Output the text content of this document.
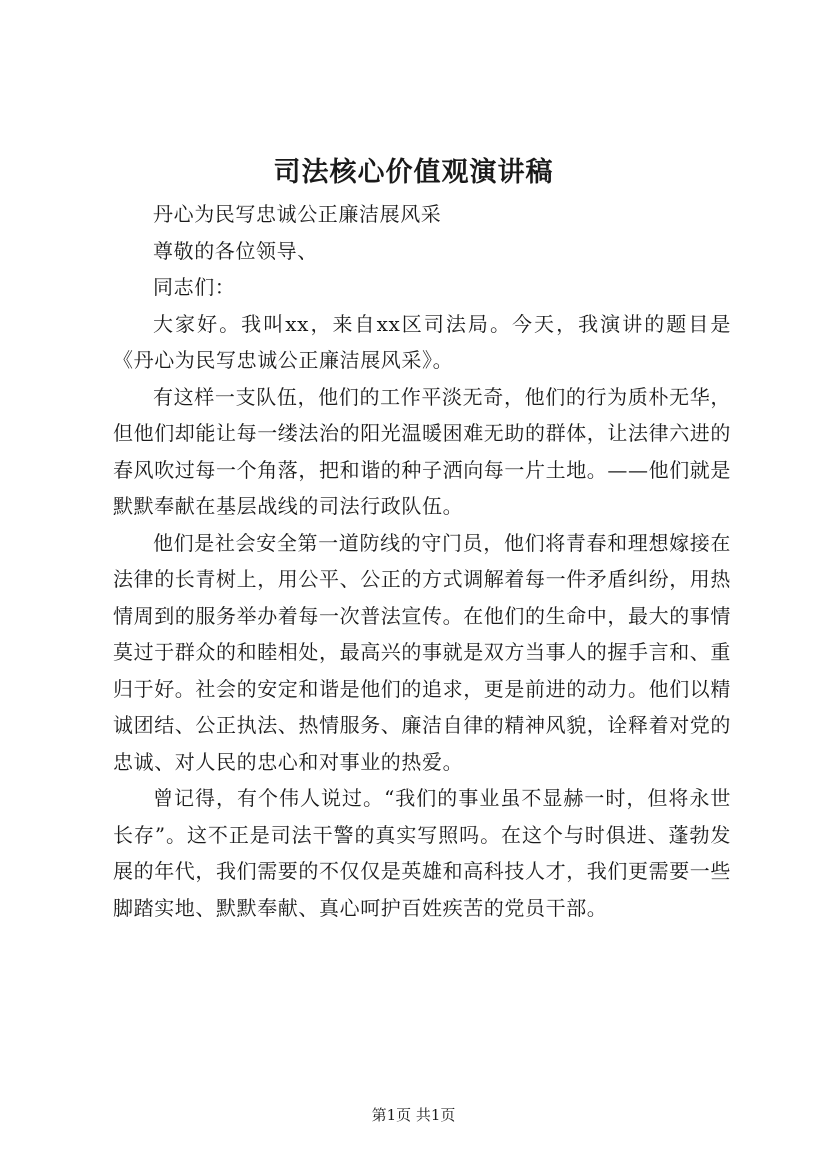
司法核心价值观演讲稿

丹心为民写忠诚公正廉洁展风采

尊敬的各位领导、

同志们：

大家好。我叫xx，来自xx区司法局。今天，我演讲的题目是《丹心为民写忠诚公正廉洁展风采》。

有这样一支队伍，他们的工作平淡无奇，他们的行为质朴无华，但他们却能让每一缕法治的阳光温暖困难无助的群体，让法律六进的春风吹过每一个角落，把和谐的种子洒向每一片土地。——他们就是默默奉献在基层战线的司法行政队伍。

他们是社会安全第一道防线的守门员，他们将青春和理想嫁接在法律的长青树上，用公平、公正的方式调解着每一件矛盾纠纷，用热情周到的服务举办着每一次普法宣传。在他们的生命中，最大的事情莫过于群众的和睦相处，最高兴的事就是双方当事人的握手言和、重归于好。社会的安定和谐是他们的追求，更是前进的动力。他们以精诚团结、公正执法、热情服务、廉洁自律的精神风貌，诠释着对党的忠诚、对人民的忠心和对事业的热爱。

曾记得，有个伟人说过。“我们的事业虽不显赫一时，但将永世长存”。这不正是司法干警的真实写照吗。在这个与时俱进、蓬勃发展的年代，我们需要的不仅仅是英雄和高科技人才，我们更需要一些脚踏实地、默默奉献、真心呵护百姓疾苦的党员干部。

第1页 共1页
